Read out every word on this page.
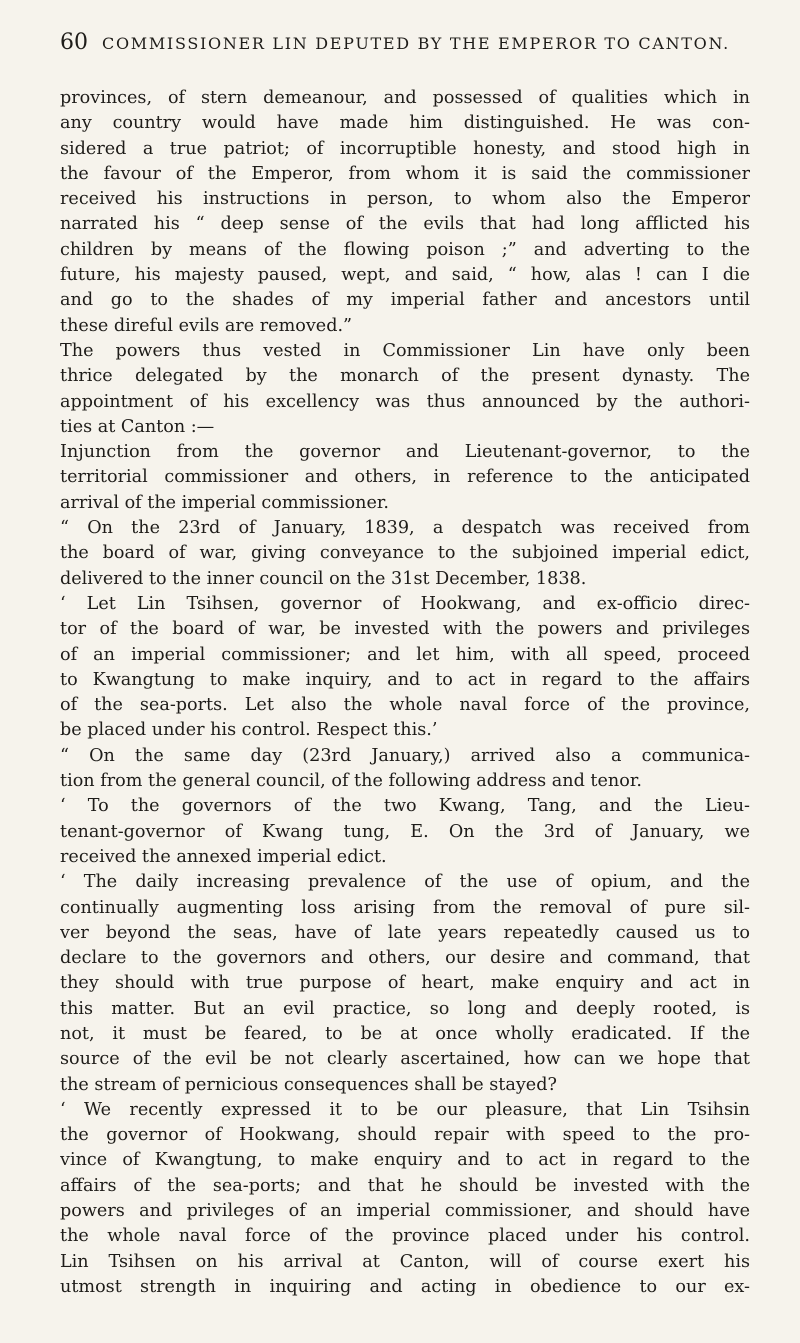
60 COMMISSIONER LIN DEPUTED BY THE EMPEROR TO CANTON.
provinces, of stern demeanour, and possessed of qualities which in
any country would have made him distinguished. He was con-
sidered a true patriot; of incorruptible honesty, and stood high in
the favour of the Emperor, from whom it is said the commissioner
received his instructions in person, to whom also the Emperor
narrated his “ deep sense of the evils that had long afflicted his
children by means of the flowing poison ;” and adverting to the
future, his majesty paused, wept, and said, “ how, alas ! can I die
and go to the shades of my imperial father and ancestors until
these direful evils are removed.”
The powers thus vested in Commissioner Lin have only been
thrice delegated by the monarch of the present dynasty. The
appointment of his excellency was thus announced by the authori-
ties at Canton :—
Injunction from the governor and Lieutenant-governor, to the
territorial commissioner and others, in reference to the anticipated
arrival of the imperial commissioner.
“ On the 23rd of January, 1839, a despatch was received from
the board of war, giving conveyance to the subjoined imperial edict,
delivered to the inner council on the 31st December, 1838.
‘ Let Lin Tsihsen, governor of Hookwang, and ex-officio direc-
tor of the board of war, be invested with the powers and privileges
of an imperial commissioner; and let him, with all speed, proceed
to Kwangtung to make inquiry, and to act in regard to the affairs
of the sea-ports. Let also the whole naval force of the province,
be placed under his control. Respect this.’
“ On the same day (23rd January,) arrived also a communica-
tion from the general council, of the following address and tenor.
‘ To the governors of the two Kwang, Tang, and the Lieu-
tenant-governor of Kwang tung, E. On the 3rd of January, we
received the annexed imperial edict.
‘ The daily increasing prevalence of the use of opium, and the
continually augmenting loss arising from the removal of pure sil-
ver beyond the seas, have of late years repeatedly caused us to
declare to the governors and others, our desire and command, that
they should with true purpose of heart, make enquiry and act in
this matter. But an evil practice, so long and deeply rooted, is
not, it must be feared, to be at once wholly eradicated. If the
source of the evil be not clearly ascertained, how can we hope that
the stream of pernicious consequences shall be stayed?
‘ We recently expressed it to be our pleasure, that Lin Tsihsin
the governor of Hookwang, should repair with speed to the pro-
vince of Kwangtung, to make enquiry and to act in regard to the
affairs of the sea-ports; and that he should be invested with the
powers and privileges of an imperial commissioner, and should have
the whole naval force of the province placed under his control.
Lin Tsihsen on his arrival at Canton, will of course exert his
utmost strength in inquiring and acting in obedience to our ex-
